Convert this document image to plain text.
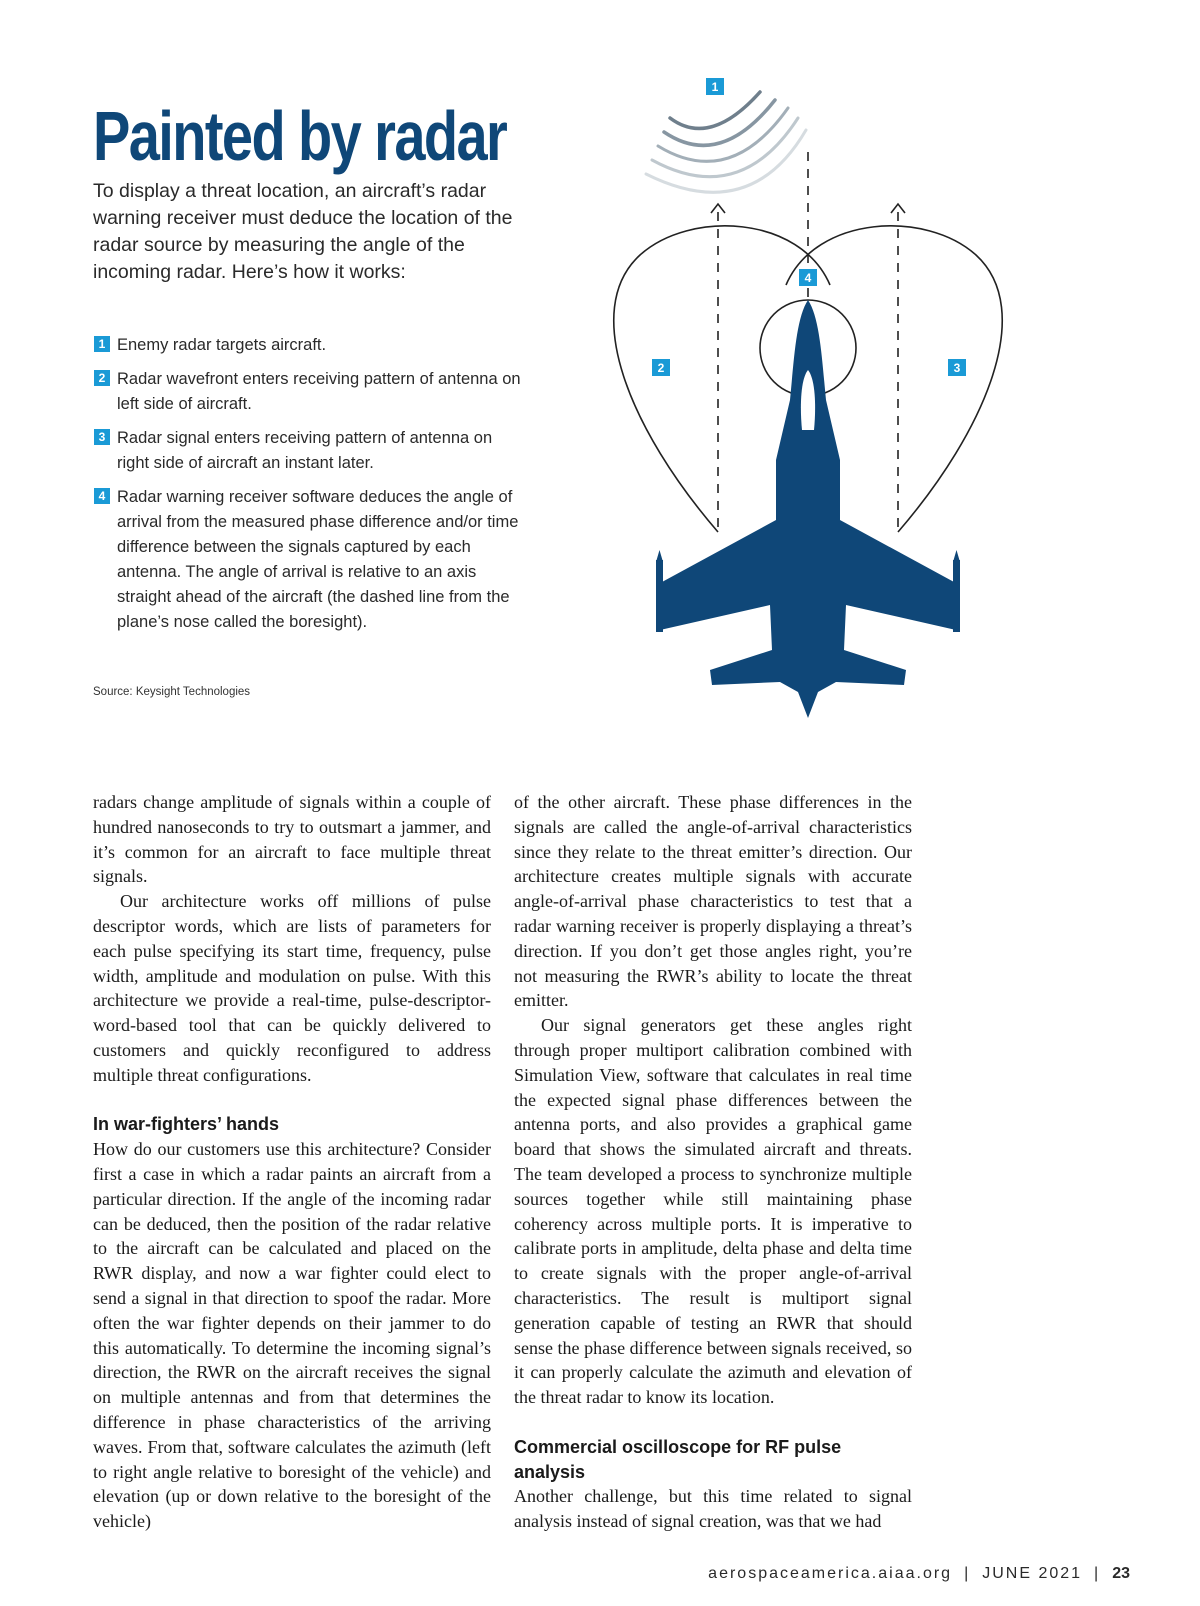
Painted by radar

To display a threat location, an aircraft’s radar warning receiver must deduce the location of the radar source by measuring the angle of the incoming radar. Here’s how it works:

1 Enemy radar targets aircraft.
2 Radar wavefront enters receiving pattern of antenna on left side of aircraft.
3 Radar signal enters receiving pattern of antenna on right side of aircraft an instant later.
4 Radar warning receiver software deduces the angle of arrival from the measured phase difference and/or time difference between the signals captured by each antenna. The angle of arrival is relative to an axis straight ahead of the aircraft (the dashed line from the plane’s nose called the boresight).

Source: Keysight Technologies

1
2	3
4

radars change amplitude of signals within a couple of hundred nanoseconds to try to outsmart a jammer, and it’s common for an aircraft to face multiple threat signals.

Our architecture works off millions of pulse descriptor words, which are lists of parameters for each pulse specifying its start time, frequency, pulse width, amplitude and modulation on pulse. With this architecture we provide a real-time, pulse-descriptor-word-based tool that can be quickly delivered to customers and quickly reconfigured to address multiple threat configurations.

In war-fighters’ hands

How do our customers use this architecture? Consider first a case in which a radar paints an aircraft from a particular direction. If the angle of the incoming radar can be deduced, then the position of the radar relative to the aircraft can be calculated and placed on the RWR display, and now a war fighter could elect to send a signal in that direction to spoof the radar. More often the war fighter depends on their jammer to do this automatically. To determine the incoming signal’s direction, the RWR on the aircraft receives the signal on multiple antennas and from that determines the difference in phase characteristics of the arriving waves. From that, software calculates the azimuth (left to right angle relative to boresight of the vehicle) and elevation (up or down relative to the boresight of the vehicle)

of the other aircraft. These phase differences in the signals are called the angle-of-arrival characteristics since they relate to the threat emitter’s direction. Our architecture creates multiple signals with accurate angle-of-arrival phase characteristics to test that a radar warning receiver is properly displaying a threat’s direction. If you don’t get those angles right, you’re not measuring the RWR’s ability to locate the threat emitter.

Our signal generators get these angles right through proper multiport calibration combined with Simulation View, software that calculates in real time the expected signal phase differences between the antenna ports, and also provides a graphical game board that shows the simulated aircraft and threats. The team developed a process to synchronize multiple sources together while still maintaining phase coherency across multiple ports. It is imperative to calibrate ports in amplitude, delta phase and delta time to create signals with the proper angle-of-arrival characteristics. The result is multiport signal generation capable of testing an RWR that should sense the phase difference between signals received, so it can properly calculate the azimuth and elevation of the threat radar to know its location.

Commercial oscilloscope for RF pulse analysis

Another challenge, but this time related to signal analysis instead of signal creation, was that we had

aerospaceamerica.aiaa.org | JUNE 2021 | 23
